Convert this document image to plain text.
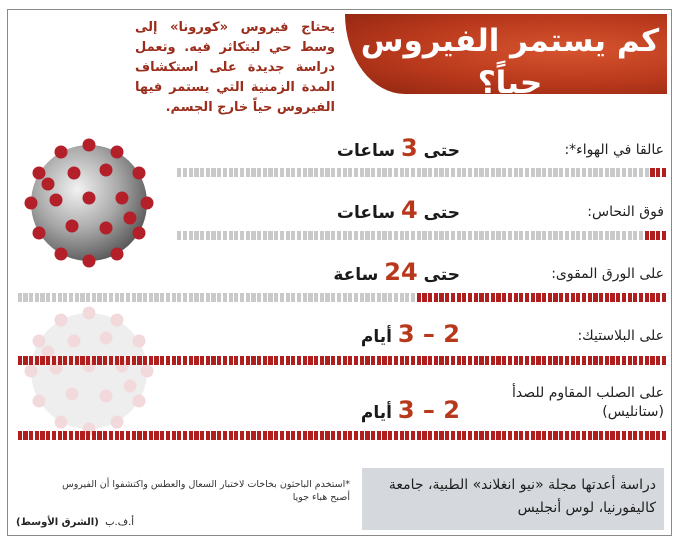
كم يستمر الفيروس حياً؟
يحتاج فيروس «كورونا» إلى وسط حي ليتكاثر فيه. وتعمل دراسة جديدة على استكشاف المدة الزمنية التي يستمر فيها الفيروس حياً خارج الجسم.
عالقا في الهواء*:
حتى 3 ساعات
فوق النحاس:
حتى 4 ساعات
على الورق المقوى:
حتى 24 ساعة
على البلاستيك:
2 – 3 أيام
على الصلب المقاوم للصدأ (ستانليس)
2 – 3 أيام
*استخدم الباحثون بخاخات لاختبار السعال والعطس واكتشفوا أن الفيروس أصبح هباء جويا
أ.ف.ب  (الشرق الأوسط)
دراسة أعدتها مجلة «نيو انغلاند» الطبية، جامعة كاليفورنيا، لوس أنجليس
